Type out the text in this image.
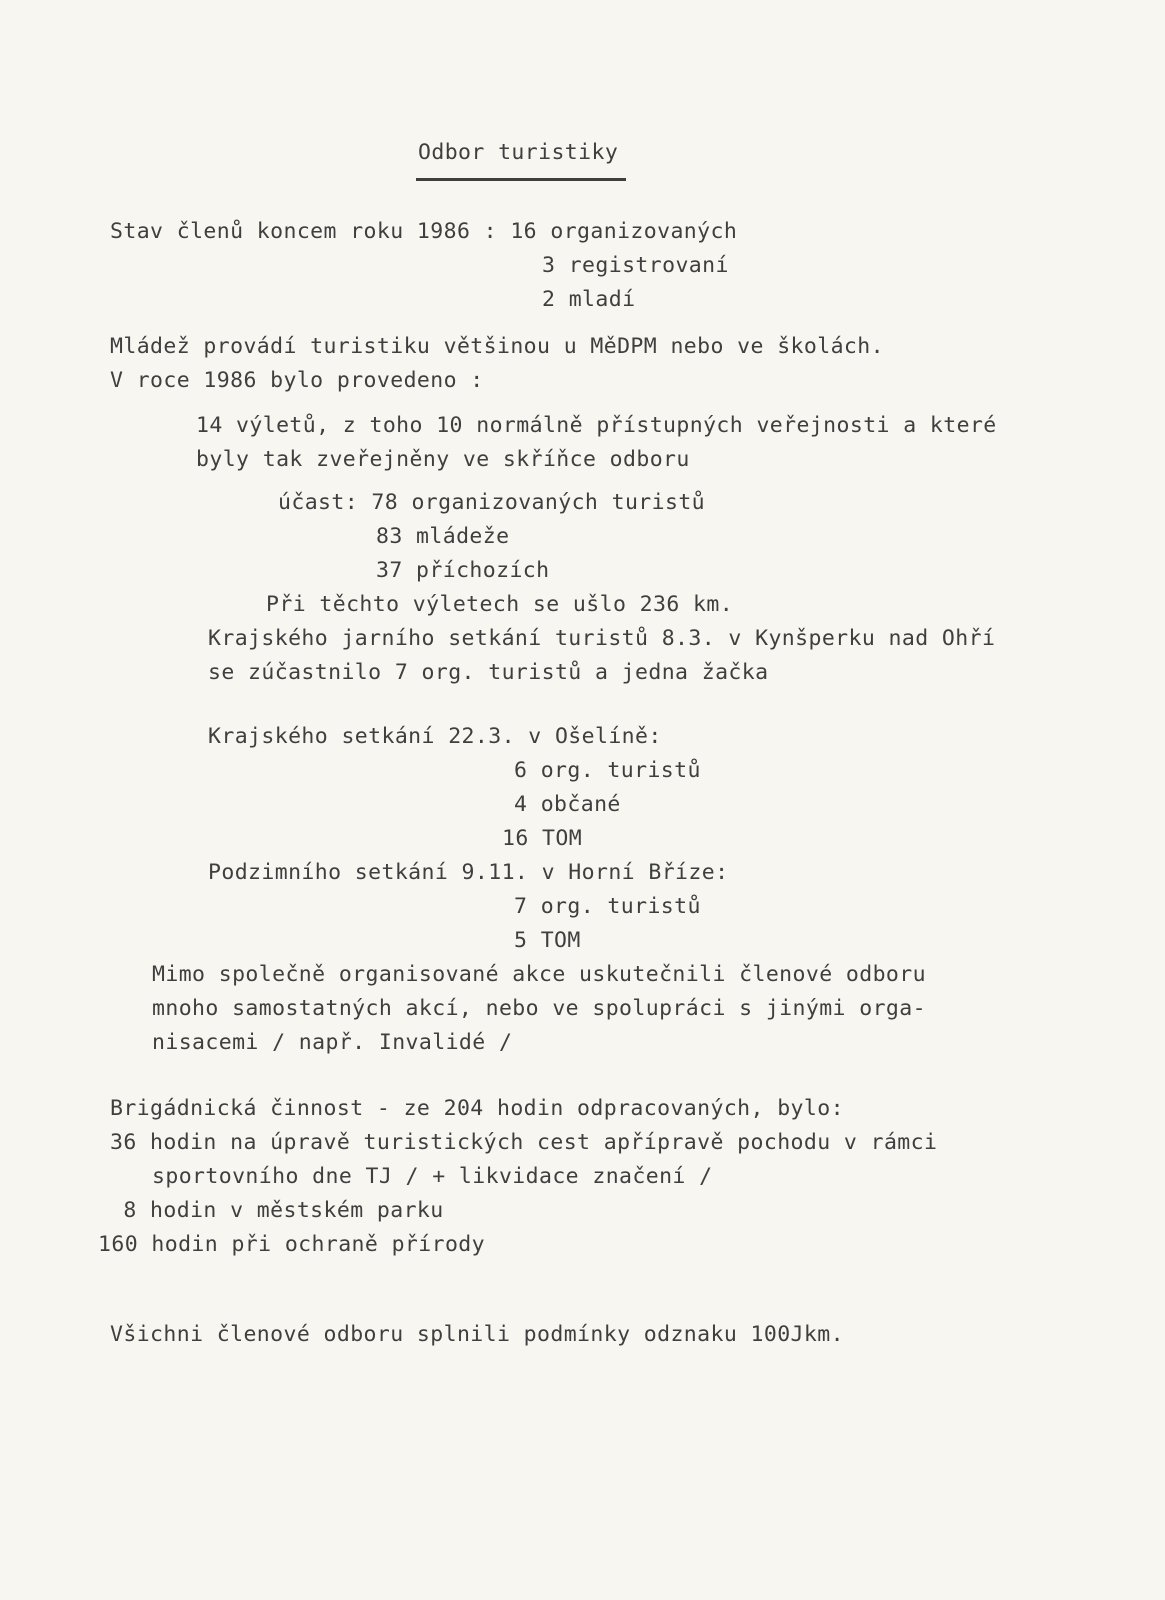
Odbor turistiky
Stav členů koncem roku 1986 : 16 organizovaných
3 registrovaní
2 mladí
Mládež provádí turistiku většinou u MěDPM nebo ve školách.
V roce 1986 bylo provedeno :
14 výletů, z toho 10 normálně přístupných veřejnosti a které
byly tak zveřejněny ve skříňce odboru
účast: 78 organizovaných turistů
83 mládeže
37 příchozích
Při těchto výletech se ušlo 236 km.
Krajského jarního setkání turistů 8.3. v Kynšperku nad Ohří
se zúčastnilo 7 org. turistů a jedna žačka
Krajského setkání 22.3. v Ošelíně:
6 org. turistů
4 občané
16 TOM
Podzimního setkání 9.11. v Horní Bříze:
7 org. turistů
5 TOM
Mimo společně organisované akce uskutečnili členové odboru
mnoho samostatných akcí, nebo ve spolupráci s jinými orga-
nisacemi / např. Invalidé /
Brigádnická činnost - ze 204 hodin odpracovaných, bylo:
36 hodin na úpravě turistických cest apřípravě pochodu v rámci
sportovního dne TJ / + likvidace značení /
8 hodin v městském parku
160 hodin při ochraně přírody
Všichni členové odboru splnili podmínky odznaku 100Jkm.
